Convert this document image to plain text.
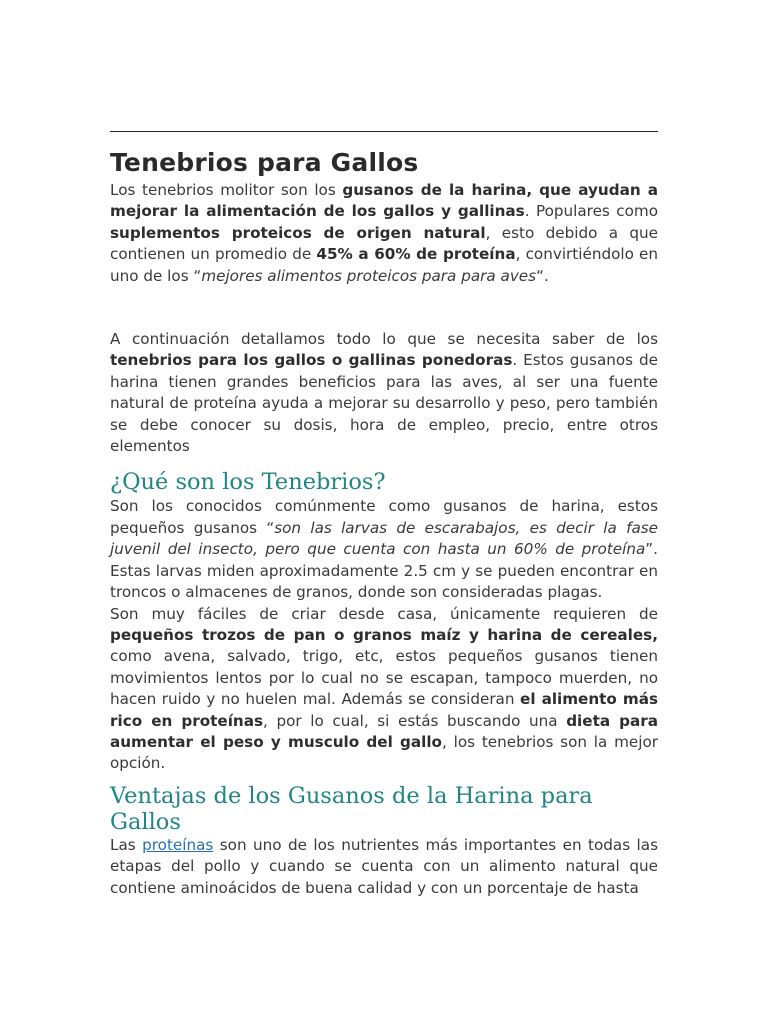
Tenebrios para Gallos

Los tenebrios molitor son los gusanos de la harina, que ayudan a mejorar la alimentación de los gallos y gallinas. Populares como suplementos proteicos de origen natural, esto debido a que contienen un promedio de 45% a 60% de proteína, convirtiéndolo en uno de los “mejores alimentos proteicos para para aves“.

A continuación detallamos todo lo que se necesita saber de los tenebrios para los gallos o gallinas ponedoras. Estos gusanos de harina tienen grandes beneficios para las aves, al ser una fuente natural de proteína ayuda a mejorar su desarrollo y peso, pero también se debe conocer su dosis, hora de empleo, precio, entre otros elementos

¿Qué son los Tenebrios?

Son los conocidos comúnmente como gusanos de harina, estos pequeños gusanos “son las larvas de escarabajos, es decir la fase juvenil del insecto, pero que cuenta con hasta un 60% de proteína”. Estas larvas miden aproximadamente 2.5 cm y se pueden encontrar en troncos o almacenes de granos, donde son consideradas plagas.

Son muy fáciles de criar desde casa, únicamente requieren de pequeños trozos de pan o granos maíz y harina de cereales, como avena, salvado, trigo, etc, estos pequeños gusanos tienen movimientos lentos por lo cual no se escapan, tampoco muerden, no hacen ruido y no huelen mal. Además se consideran el alimento más rico en proteínas, por lo cual, si estás buscando una dieta para aumentar el peso y musculo del gallo, los tenebrios son la mejor opción.

Ventajas de los Gusanos de la Harina para Gallos

Las proteínas son uno de los nutrientes más importantes en todas las etapas del pollo y cuando se cuenta con un alimento natural que contiene aminoácidos de buena calidad y con un porcentaje de hasta
